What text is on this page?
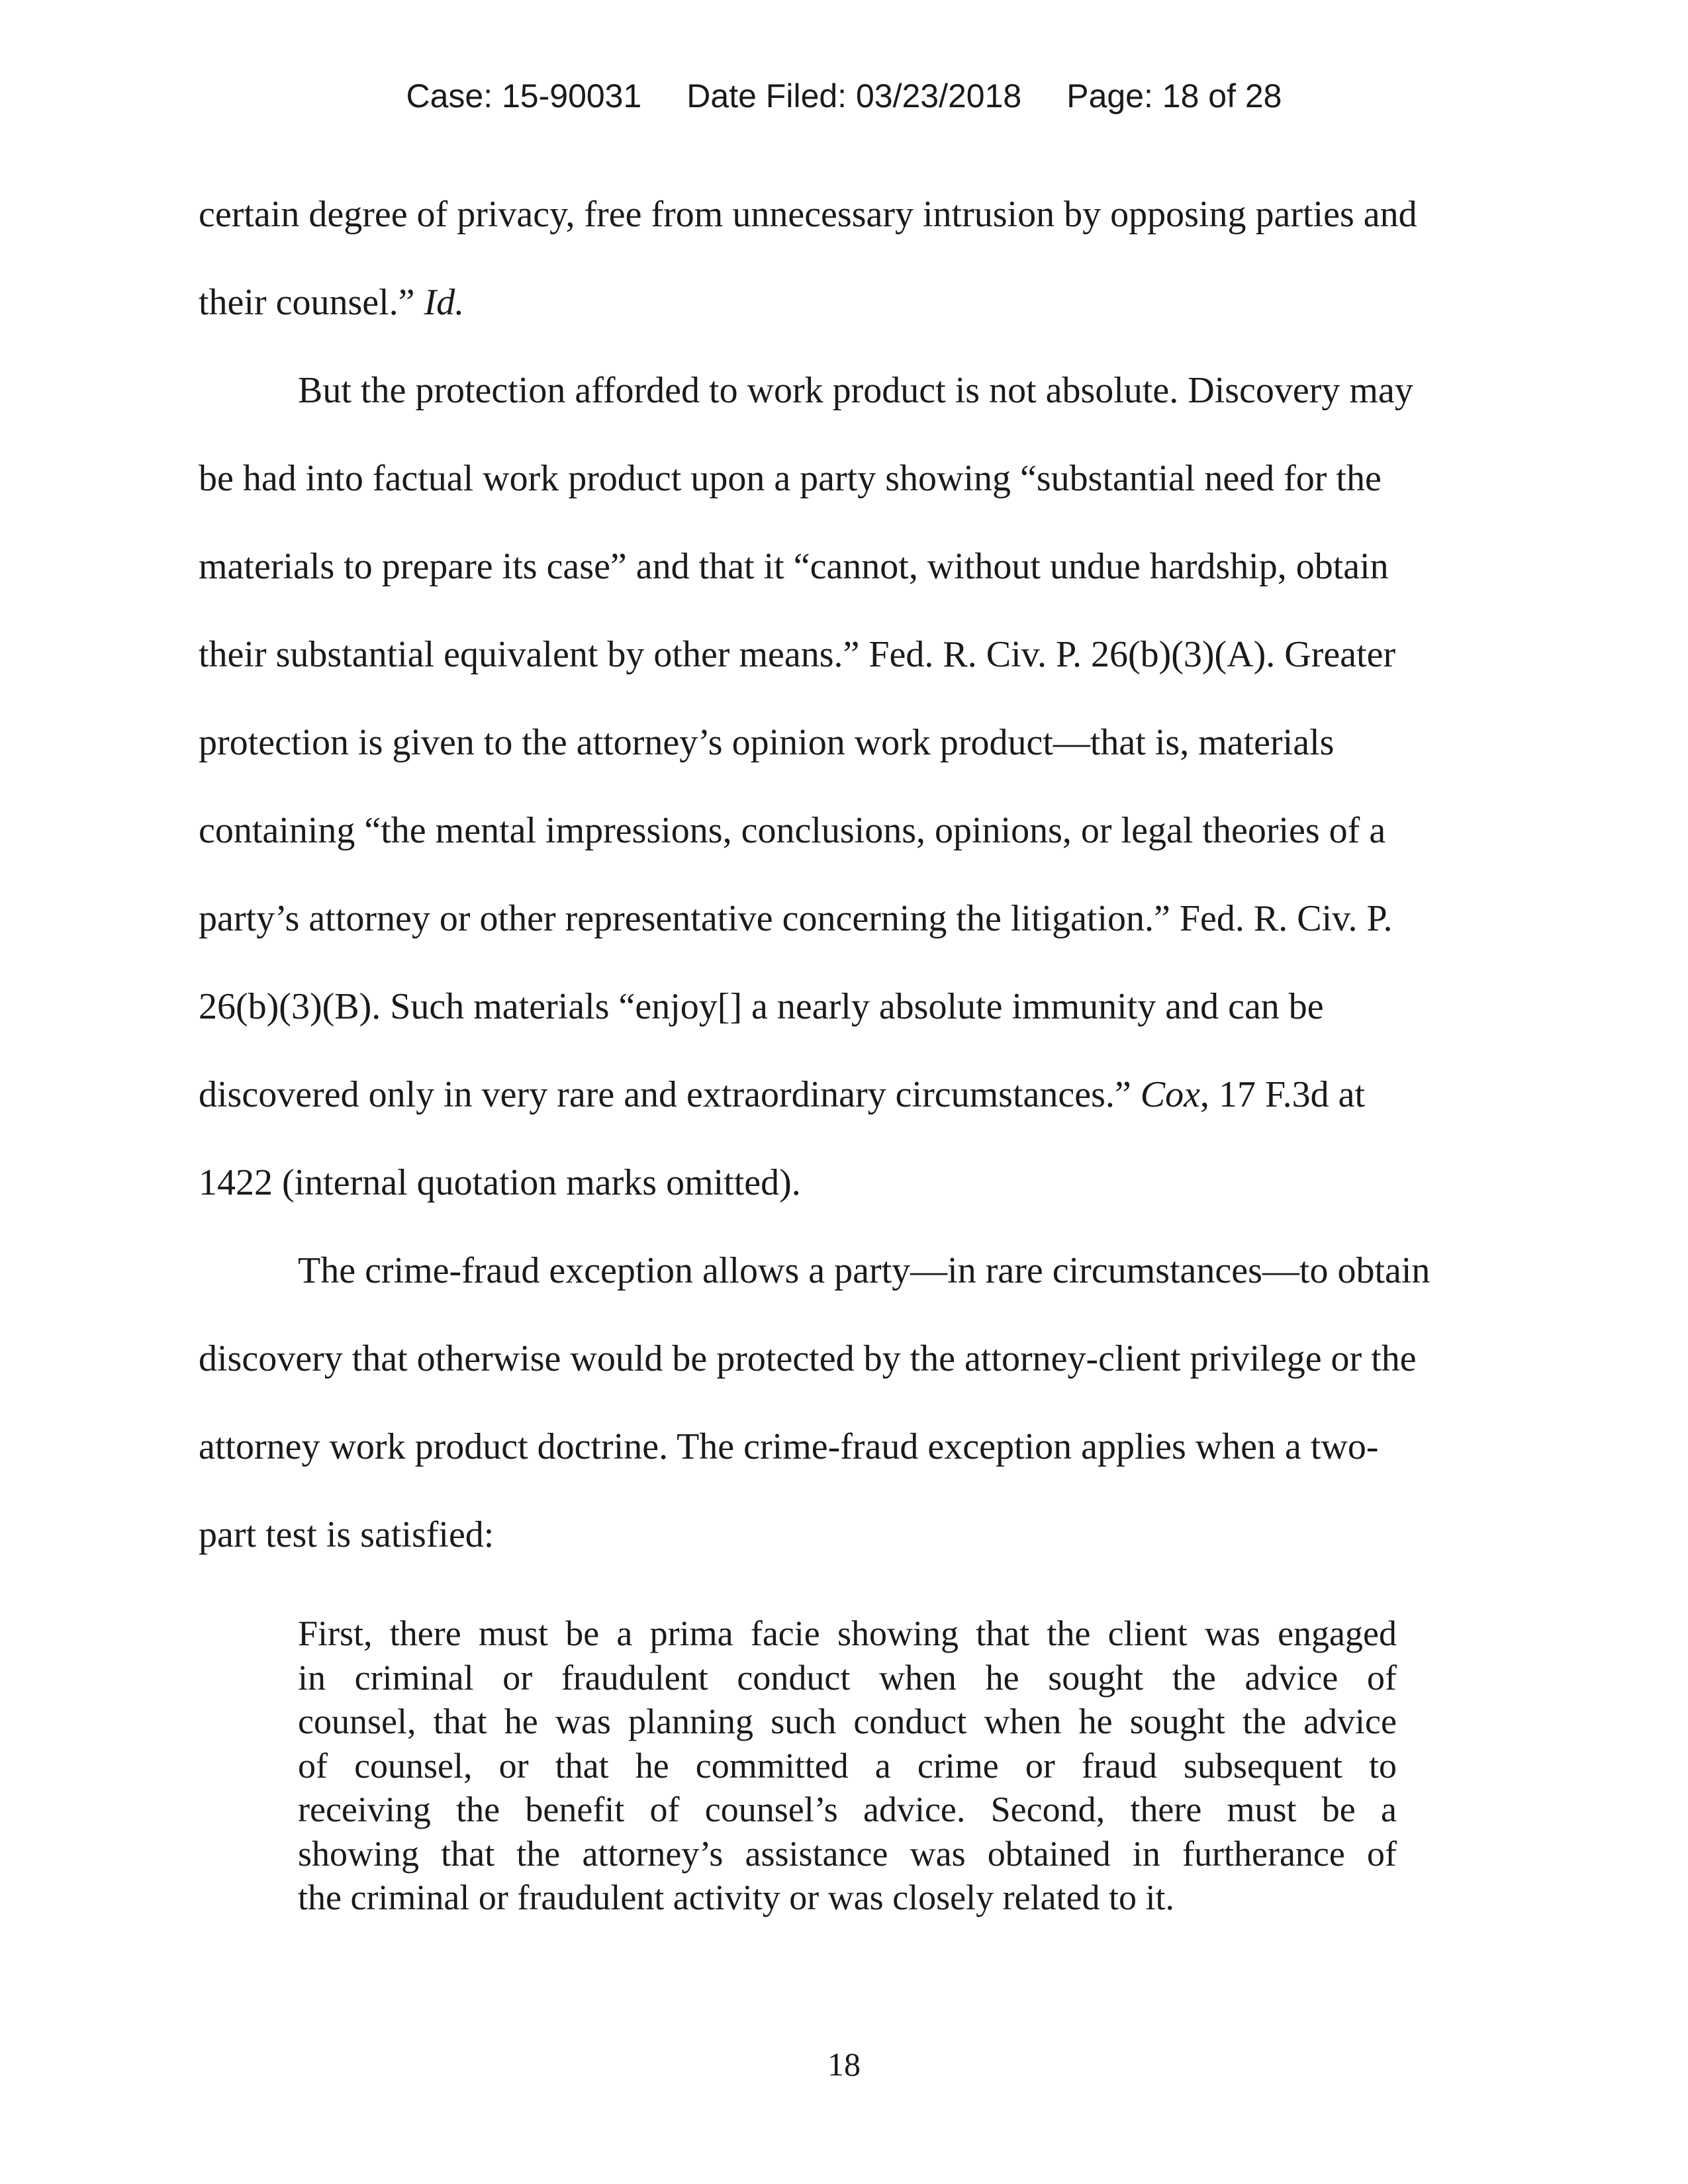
Case: 15-90031 Date Filed: 03/23/2018 Page: 18 of 28
certain degree of privacy, free from unnecessary intrusion by opposing parties and
their counsel.” Id.
But the protection afforded to work product is not absolute. Discovery may
be had into factual work product upon a party showing “substantial need for the
materials to prepare its case” and that it “cannot, without undue hardship, obtain
their substantial equivalent by other means.” Fed. R. Civ. P. 26(b)(3)(A). Greater
protection is given to the attorney’s opinion work product—that is, materials
containing “the mental impressions, conclusions, opinions, or legal theories of a
party’s attorney or other representative concerning the litigation.” Fed. R. Civ. P.
26(b)(3)(B). Such materials “enjoy[] a nearly absolute immunity and can be
discovered only in very rare and extraordinary circumstances.” Cox, 17 F.3d at
1422 (internal quotation marks omitted).
The crime-fraud exception allows a party—in rare circumstances—to obtain
discovery that otherwise would be protected by the attorney-client privilege or the
attorney work product doctrine. The crime-fraud exception applies when a two-
part test is satisfied:
First, there must be a prima facie showing that the client was engaged
in criminal or fraudulent conduct when he sought the advice of
counsel, that he was planning such conduct when he sought the advice
of counsel, or that he committed a crime or fraud subsequent to
receiving the benefit of counsel’s advice. Second, there must be a
showing that the attorney’s assistance was obtained in furtherance of
the criminal or fraudulent activity or was closely related to it.
18
